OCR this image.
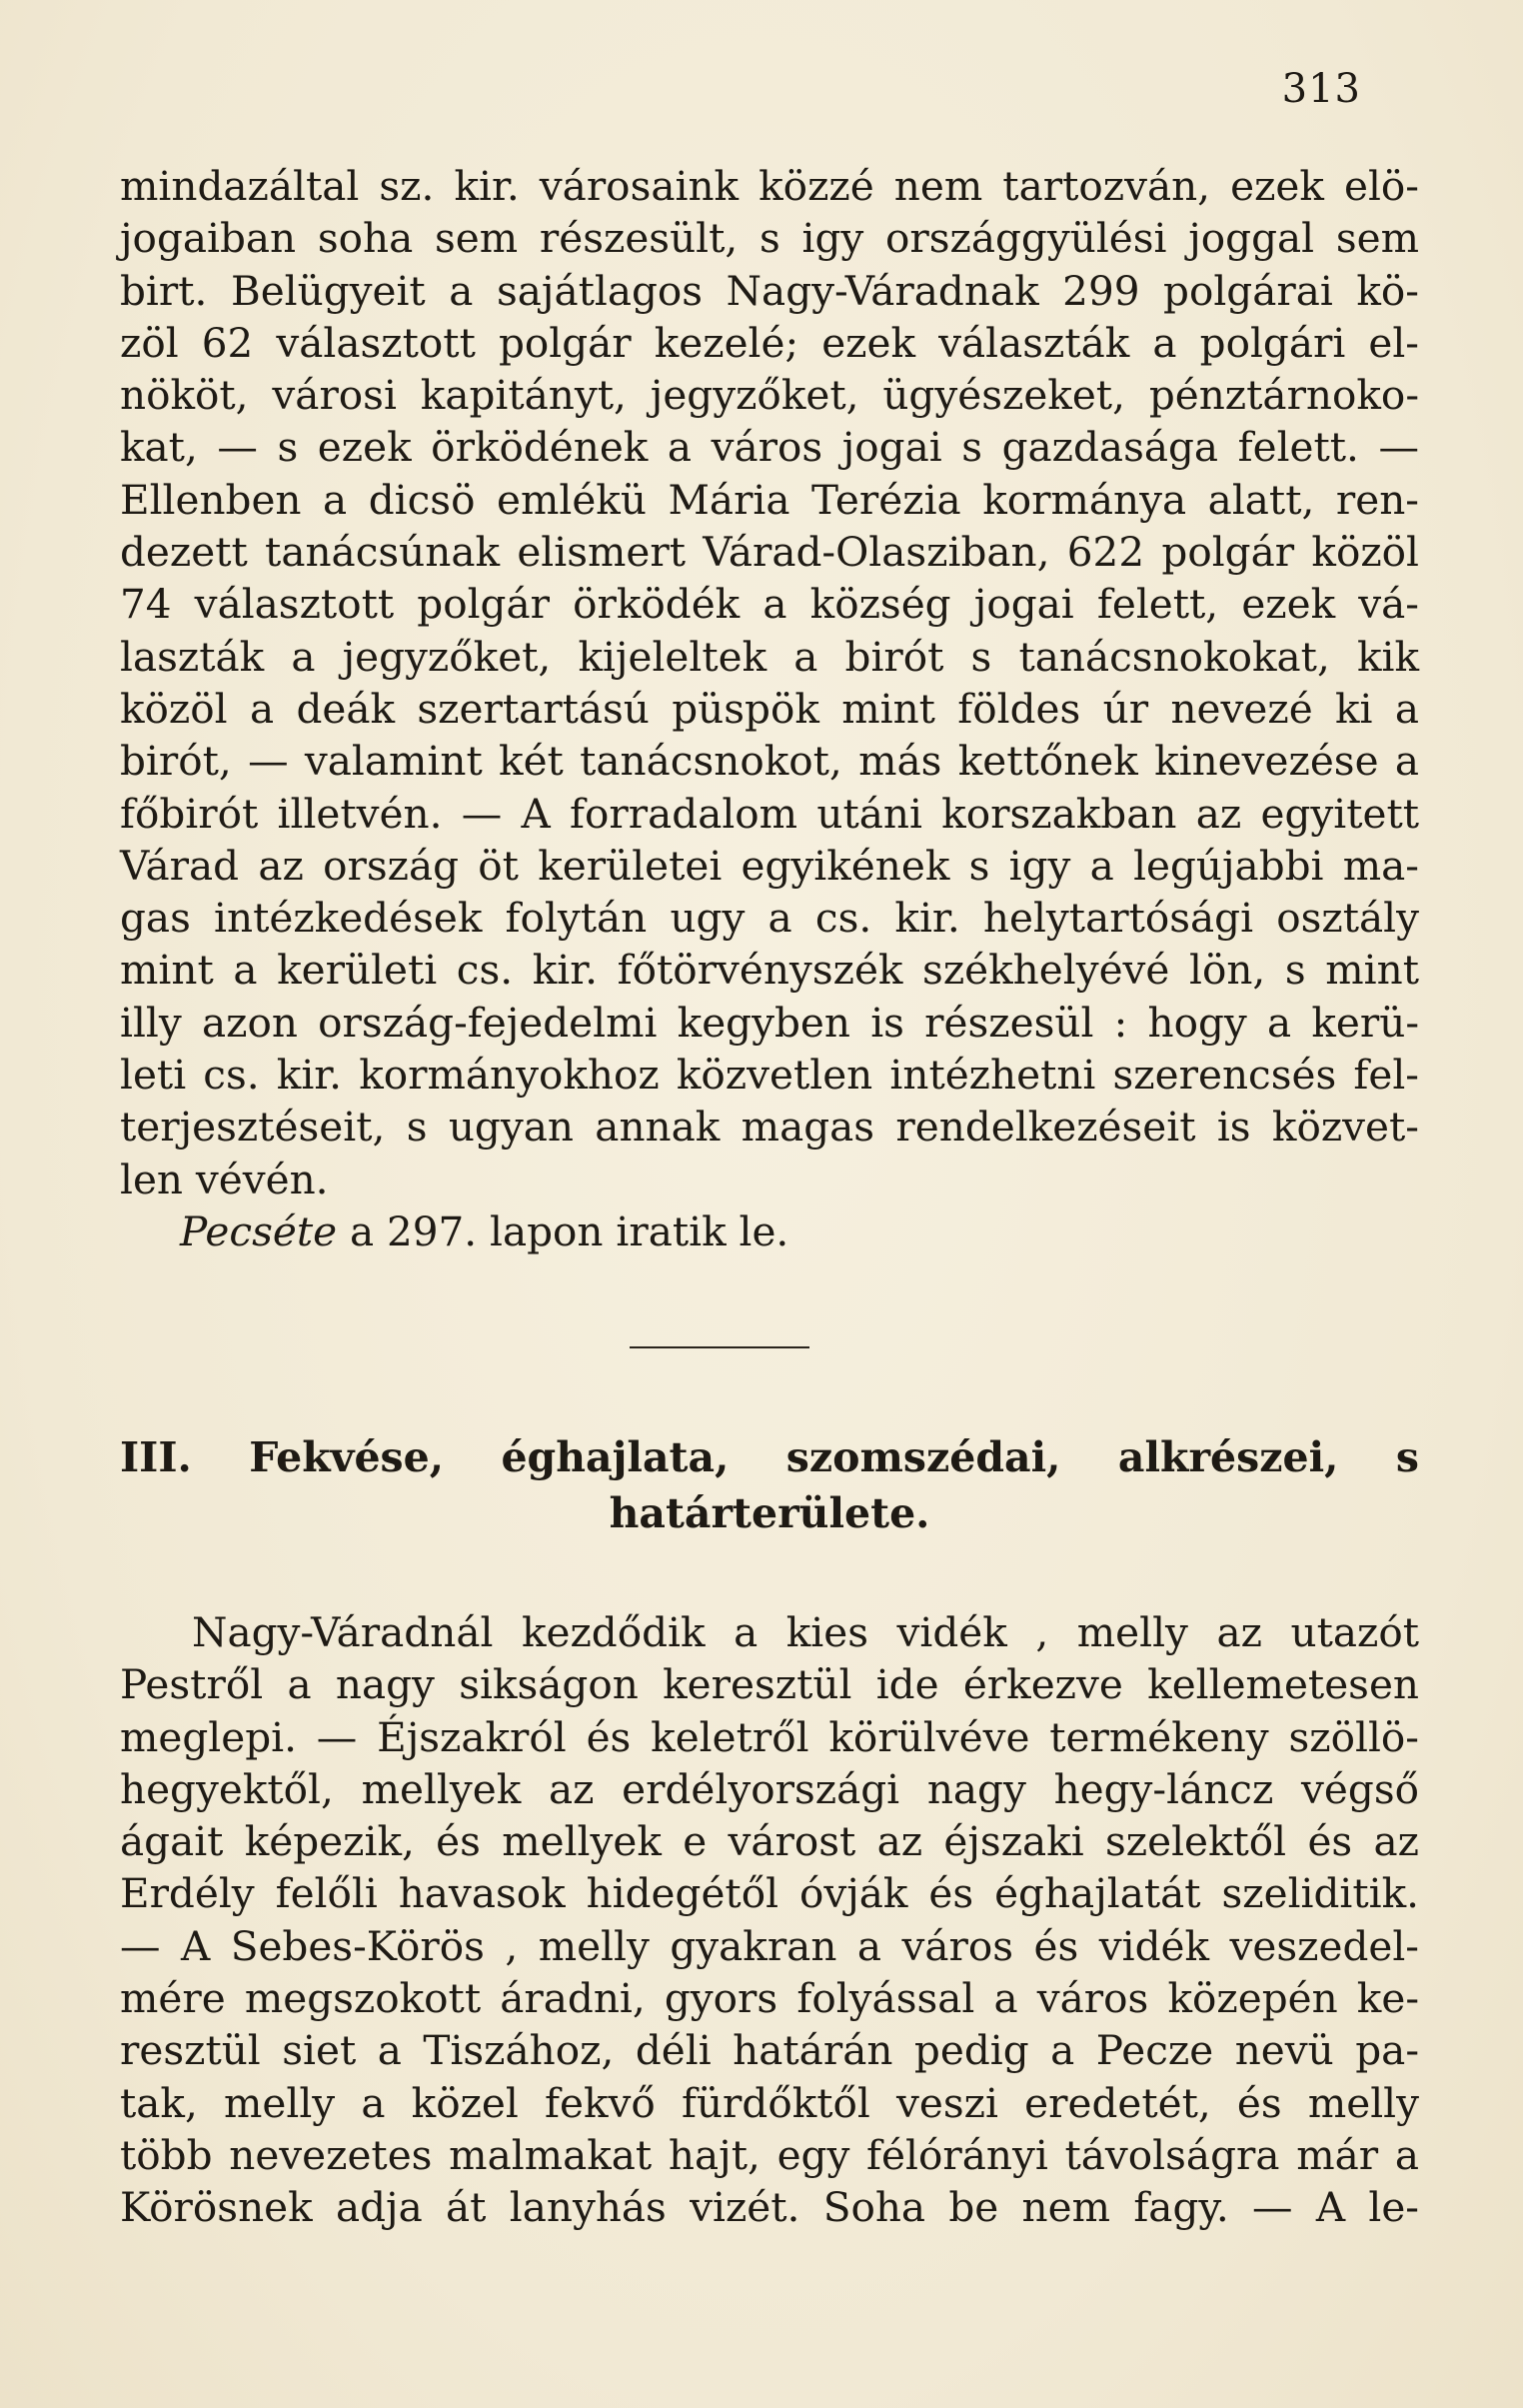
313
mindazáltal sz. kir. városaink közzé nem tartozván, ezek elö-
jogaiban soha sem részesült, s igy országgyülési joggal sem
birt. Belügyeit a sajátlagos Nagy-Váradnak 299 polgárai kö-
zöl 62 választott polgár kezelé; ezek választák a polgári el-
nököt, városi kapitányt, jegyzőket, ügyészeket, pénztárnoko-
kat, — s ezek örködének a város jogai s gazdasága felett. —
Ellenben a dicsö emlékü Mária Terézia kormánya alatt, ren-
dezett tanácsúnak elismert Várad-Olasziban, 622 polgár közöl
74 választott polgár örködék a község jogai felett, ezek vá-
laszták a jegyzőket, kijeleltek a birót s tanácsnokokat, kik
közöl a deák szertartású püspök mint földes úr nevezé ki a
birót, — valamint két tanácsnokot, más kettőnek kinevezése a
főbirót illetvén. — A forradalom utáni korszakban az egyitett
Várad az ország öt kerületei egyikének s igy a legújabbi ma-
gas intézkedések folytán ugy a cs. kir. helytartósági osztály
mint a kerületi cs. kir. főtörvényszék székhelyévé lön, s mint
illy azon ország-fejedelmi kegyben is részesül : hogy a kerü-
leti cs. kir. kormányokhoz közvetlen intézhetni szerencsés fel-
terjesztéseit, s ugyan annak magas rendelkezéseit is közvet-
len vévén.
Pecséte a 297. lapon iratik le.
III. Fekvése, éghajlata, szomszédai, alkrészei, s
határterülete.
Nagy-Váradnál kezdődik a kies vidék , melly az utazót
Pestről a nagy sikságon keresztül ide érkezve kellemetesen
meglepi. — Éjszakról és keletről körülvéve termékeny szöllö-
hegyektől, mellyek az erdélyországi nagy hegy-láncz végső
ágait képezik, és mellyek e várost az éjszaki szelektől és az
Erdély felőli havasok hidegétől óvják és éghajlatát szeliditik.
— A Sebes-Körös , melly gyakran a város és vidék veszedel-
mére megszokott áradni, gyors folyással a város közepén ke-
resztül siet a Tiszához, déli határán pedig a Pecze nevü pa-
tak, melly a közel fekvő fürdőktől veszi eredetét, és melly
több nevezetes malmakat hajt, egy félórányi távolságra már a
Körösnek adja át lanyhás vizét. Soha be nem fagy. — A le-
